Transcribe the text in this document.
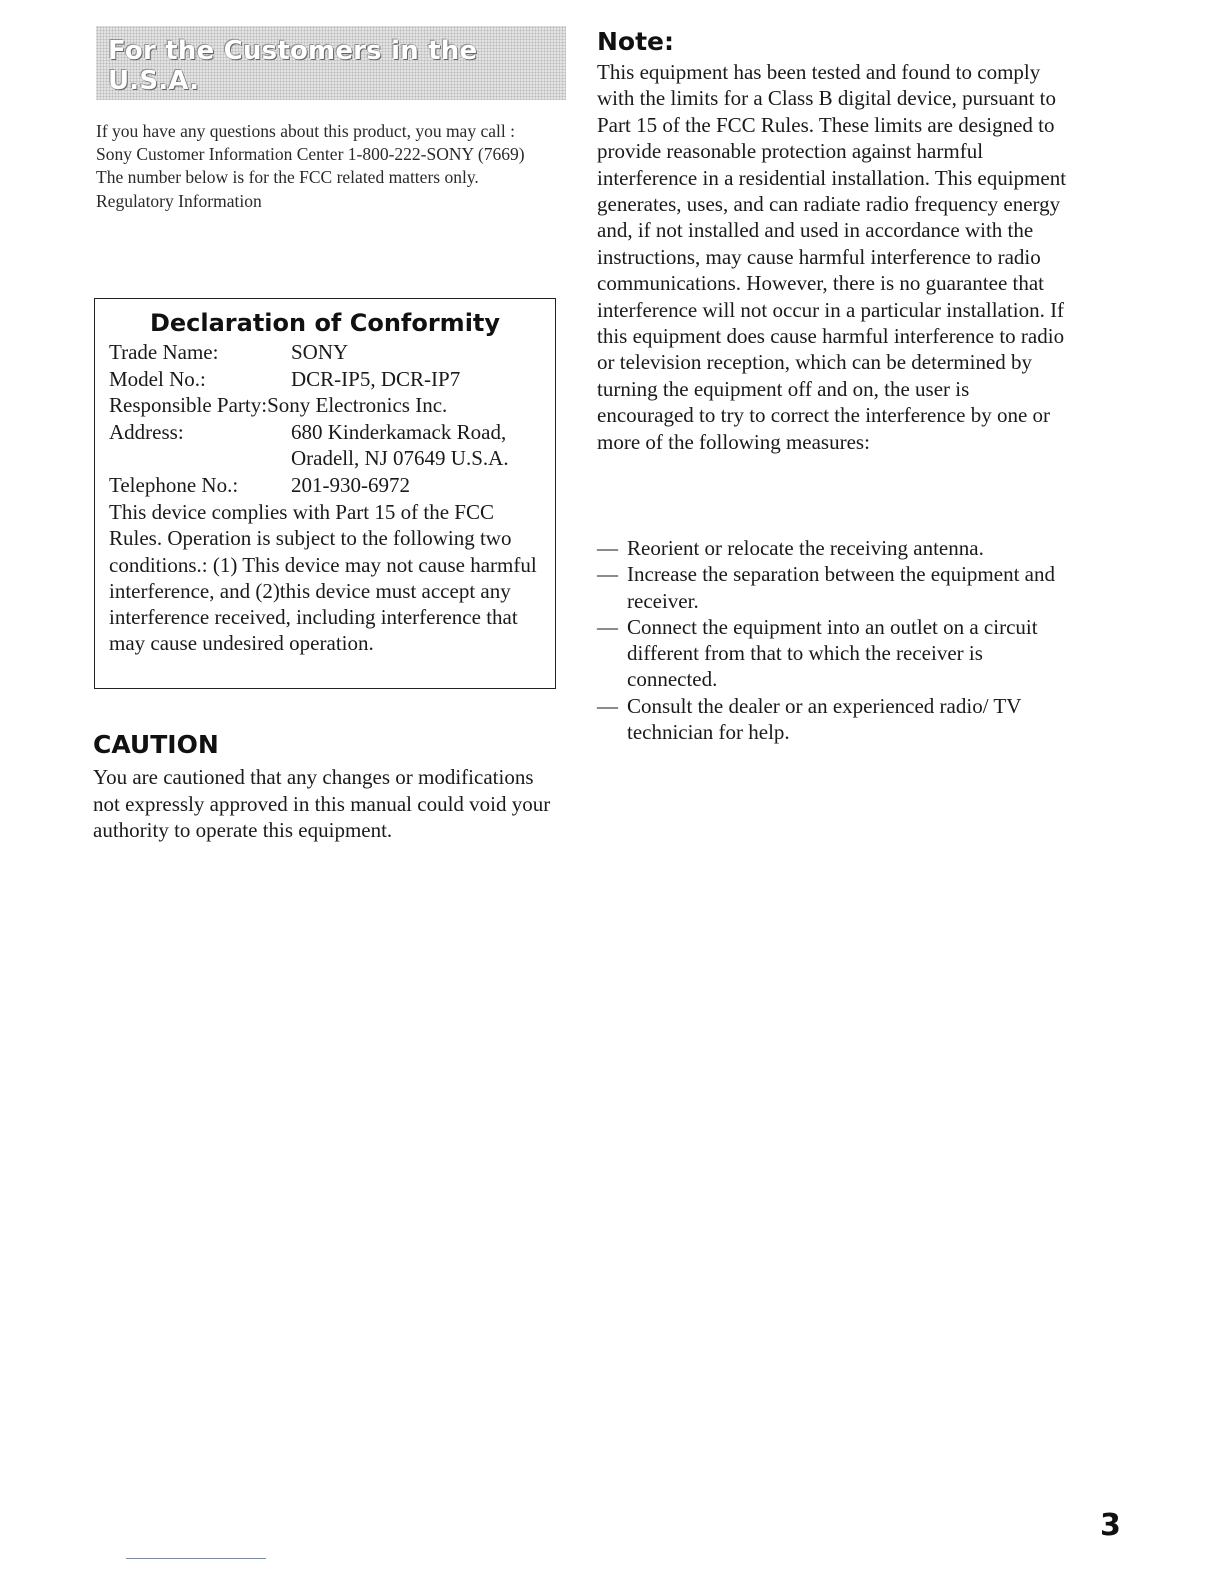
For the Customers in the U.S.A.

If you have any questions about this product, you may call :

Sony Customer Information Center 1-800-222-SONY (7669)

The number below is for the FCC related matters only.

Regulatory Information

Declaration of Conformity
Trade Name:	SONY
Model No.:	DCR-IP5, DCR-IP7
Responsible Party: Sony Electronics Inc.
Address:	680 Kinderkamack Road,
Oradell, NJ 07649 U.S.A.
Telephone No.:	201-930-6972

This device complies with Part 15 of the FCC Rules. Operation is subject to the following two conditions.: (1) This device may not cause harmful interference, and (2)this device must accept any interference received, including interference that may cause undesired operation.

CAUTION

You are cautioned that any changes or modifications not expressly approved in this manual could void your authority to operate this equipment.

Note:

This equipment has been tested and found to comply with the limits for a Class B digital device, pursuant to Part 15 of the FCC Rules. These limits are designed to provide reasonable protection against harmful interference in a residential installation. This equipment generates, uses, and can radiate radio frequency energy and, if not installed and used in accordance with the instructions, may cause harmful interference to radio communications. However, there is no guarantee that interference will not occur in a particular installation. If this equipment does cause harmful interference to radio or television reception, which can be determined by turning the equipment off and on, the user is encouraged to try to correct the interference by one or more of the following measures:

— Reorient or relocate the receiving antenna.
— Increase the separation between the equipment and receiver.
— Connect the equipment into an outlet on a circuit different from that to which the receiver is connected.
— Consult the dealer or an experienced radio/ TV technician for help.
3
